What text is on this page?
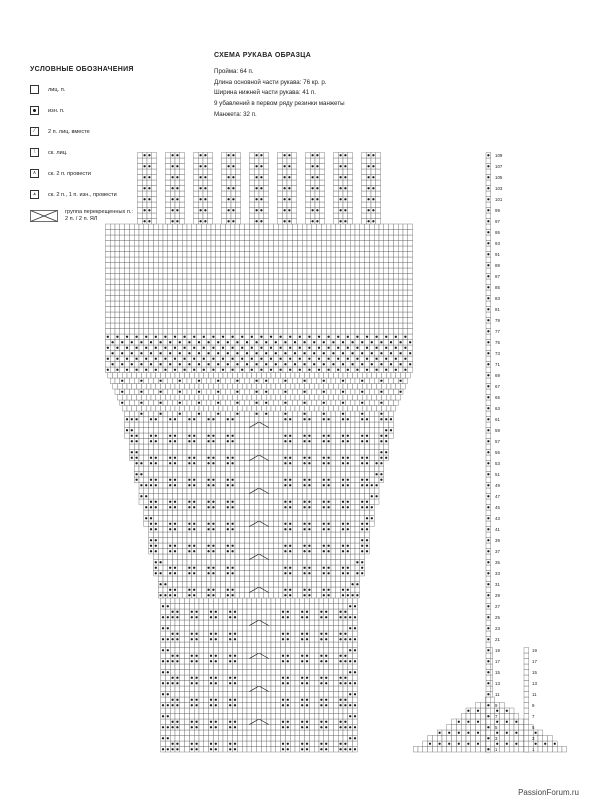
УСЛОВНЫЕ ОБОЗНАЧЕНИЯ
лиц. п.
изн. п.
⁄	2 п. лиц. вместе
⧵	ск. лиц.
∧	ск. 2 п. провести
⩓	ск. 2 п., 1 п. изн., провести
группа перекрещенных п.:
2 п. / 2 п. ЯЛ
СХЕМА РУКАВА ОБРАЗЦА
Пройма: 64 п.
Длина основной части рукава: 76 кр. р.
Ширина нижней части рукава: 41 п.
9 убавлений в первом ряду резинки манжеты
Манжета: 32 п.
1
3
5
7
9
11
13
15
17
19
1
3
5
7
9
11
13
15
17
19
21
23
25
27
29
31
33
35
37
39
41
43
45
47
49
51
53
55
57
59
61
63
65
67
69
71
73
75
77
79
81
83
85
87
89
91
93
95
97
99
101
103
105
107
109
PassionForum.ru
